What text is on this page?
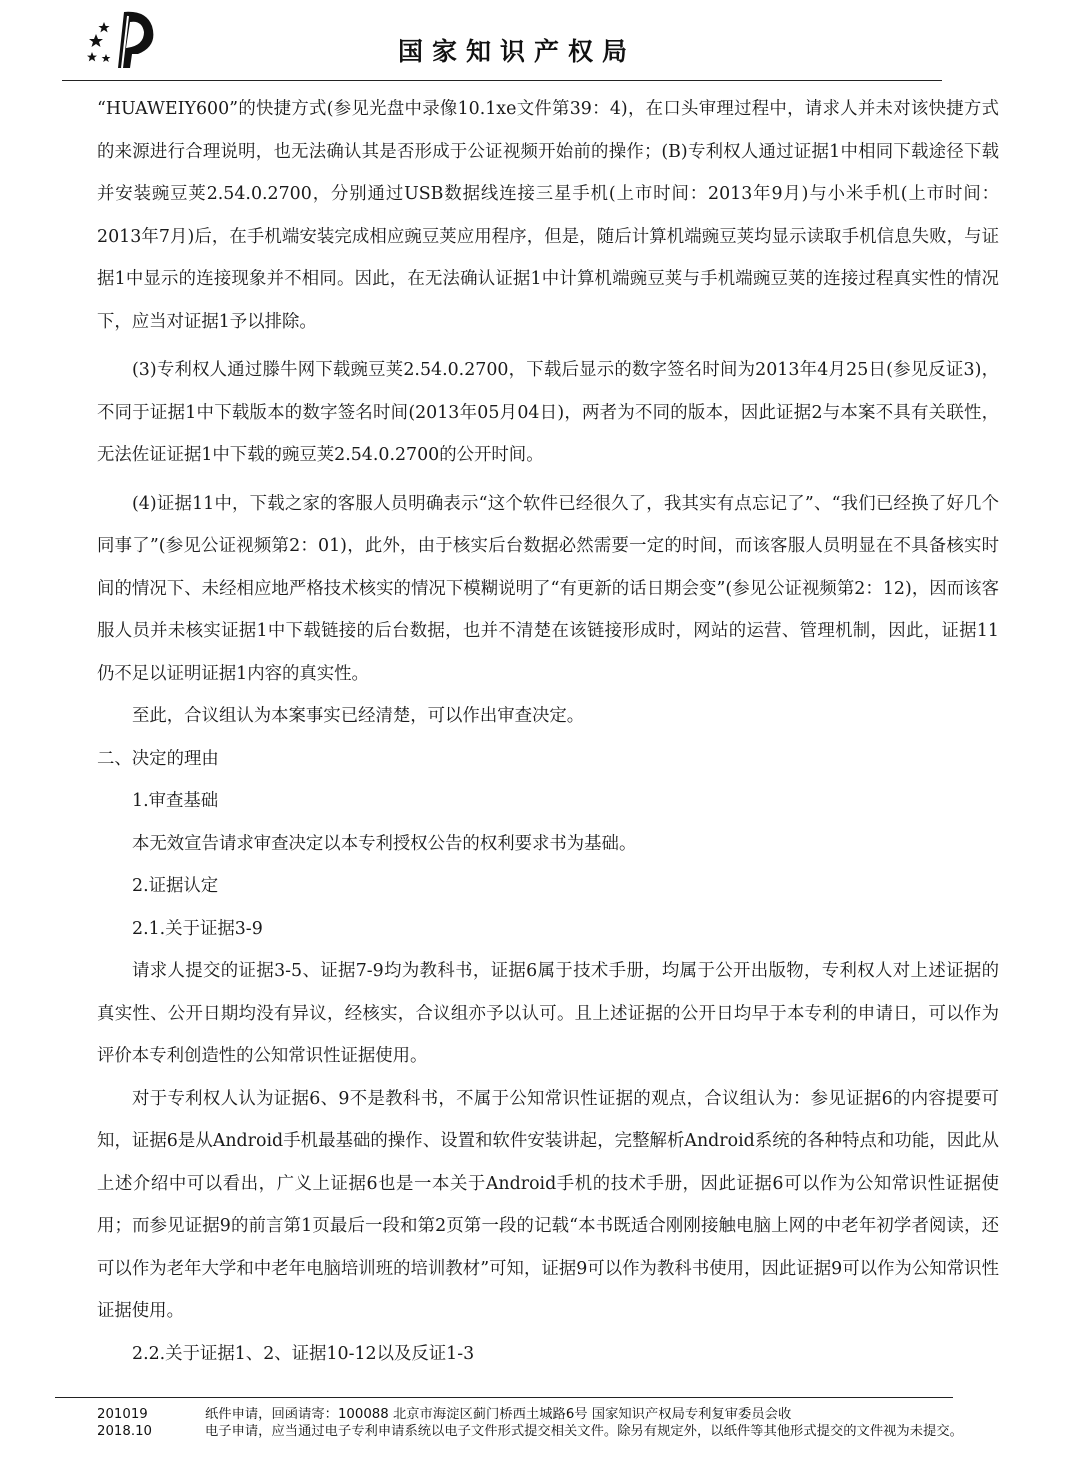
国家知识产权局

“HUAWEIY600”的快捷方式(参见光盘中录像10.1xe文件第39：4)，在口头审理过程中，请求人并未对该快捷方式的来源进行合理说明，也无法确认其是否形成于公证视频开始前的操作；(B)专利权人通过证据1中相同下载途径下载并安装豌豆荚2.54.0.2700，分别通过USB数据线连接三星手机(上市时间：2013年9月)与小米手机(上市时间：2013年7月)后，在手机端安装完成相应豌豆荚应用程序，但是，随后计算机端豌豆荚均显示读取手机信息失败，与证据1中显示的连接现象并不相同。因此，在无法确认证据1中计算机端豌豆荚与手机端豌豆荚的连接过程真实性的情况下，应当对证据1予以排除。

(3)专利权人通过滕牛网下载豌豆荚2.54.0.2700，下载后显示的数字签名时间为2013年4月25日(参见反证3)，不同于证据1中下载版本的数字签名时间(2013年05月04日)，两者为不同的版本，因此证据2与本案不具有关联性，无法佐证证据1中下载的豌豆荚2.54.0.2700的公开时间。

(4)证据11中，下载之家的客服人员明确表示“这个软件已经很久了，我其实有点忘记了”、“我们已经换了好几个同事了”(参见公证视频第2：01)，此外，由于核实后台数据必然需要一定的时间，而该客服人员明显在不具备核实时间的情况下、未经相应地严格技术核实的情况下模糊说明了“有更新的话日期会变”(参见公证视频第2：12)，因而该客服人员并未核实证据1中下载链接的后台数据，也并不清楚在该链接形成时，网站的运营、管理机制，因此，证据11仍不足以证明证据1内容的真实性。

至此，合议组认为本案事实已经清楚，可以作出审查决定。

二、决定的理由

1.审查基础

本无效宣告请求审查决定以本专利授权公告的权利要求书为基础。

2.证据认定

2.1.关于证据3-9

请求人提交的证据3-5、证据7-9均为教科书，证据6属于技术手册，均属于公开出版物，专利权人对上述证据的真实性、公开日期均没有异议，经核实，合议组亦予以认可。且上述证据的公开日均早于本专利的申请日，可以作为评价本专利创造性的公知常识性证据使用。

对于专利权人认为证据6、9不是教科书，不属于公知常识性证据的观点，合议组认为：参见证据6的内容提要可知，证据6是从Android手机最基础的操作、设置和软件安装讲起，完整解析Android系统的各种特点和功能，因此从上述介绍中可以看出，广义上证据6也是一本关于Android手机的技术手册，因此证据6可以作为公知常识性证据使用；而参见证据9的前言第1页最后一段和第2页第一段的记载“本书既适合刚刚接触电脑上网的中老年初学者阅读，还可以作为老年大学和中老年电脑培训班的培训教材”可知，证据9可以作为教科书使用，因此证据9可以作为公知常识性证据使用。

2.2.关于证据1、2、证据10-12以及反证1-3

201019	纸件申请，回函请寄：100088 北京市海淀区蓟门桥西土城路6号 国家知识产权局专利复审委员会收
2018.10	电子申请，应当通过电子专利申请系统以电子文件形式提交相关文件。除另有规定外，以纸件等其他形式提交的文件视为未提交。
